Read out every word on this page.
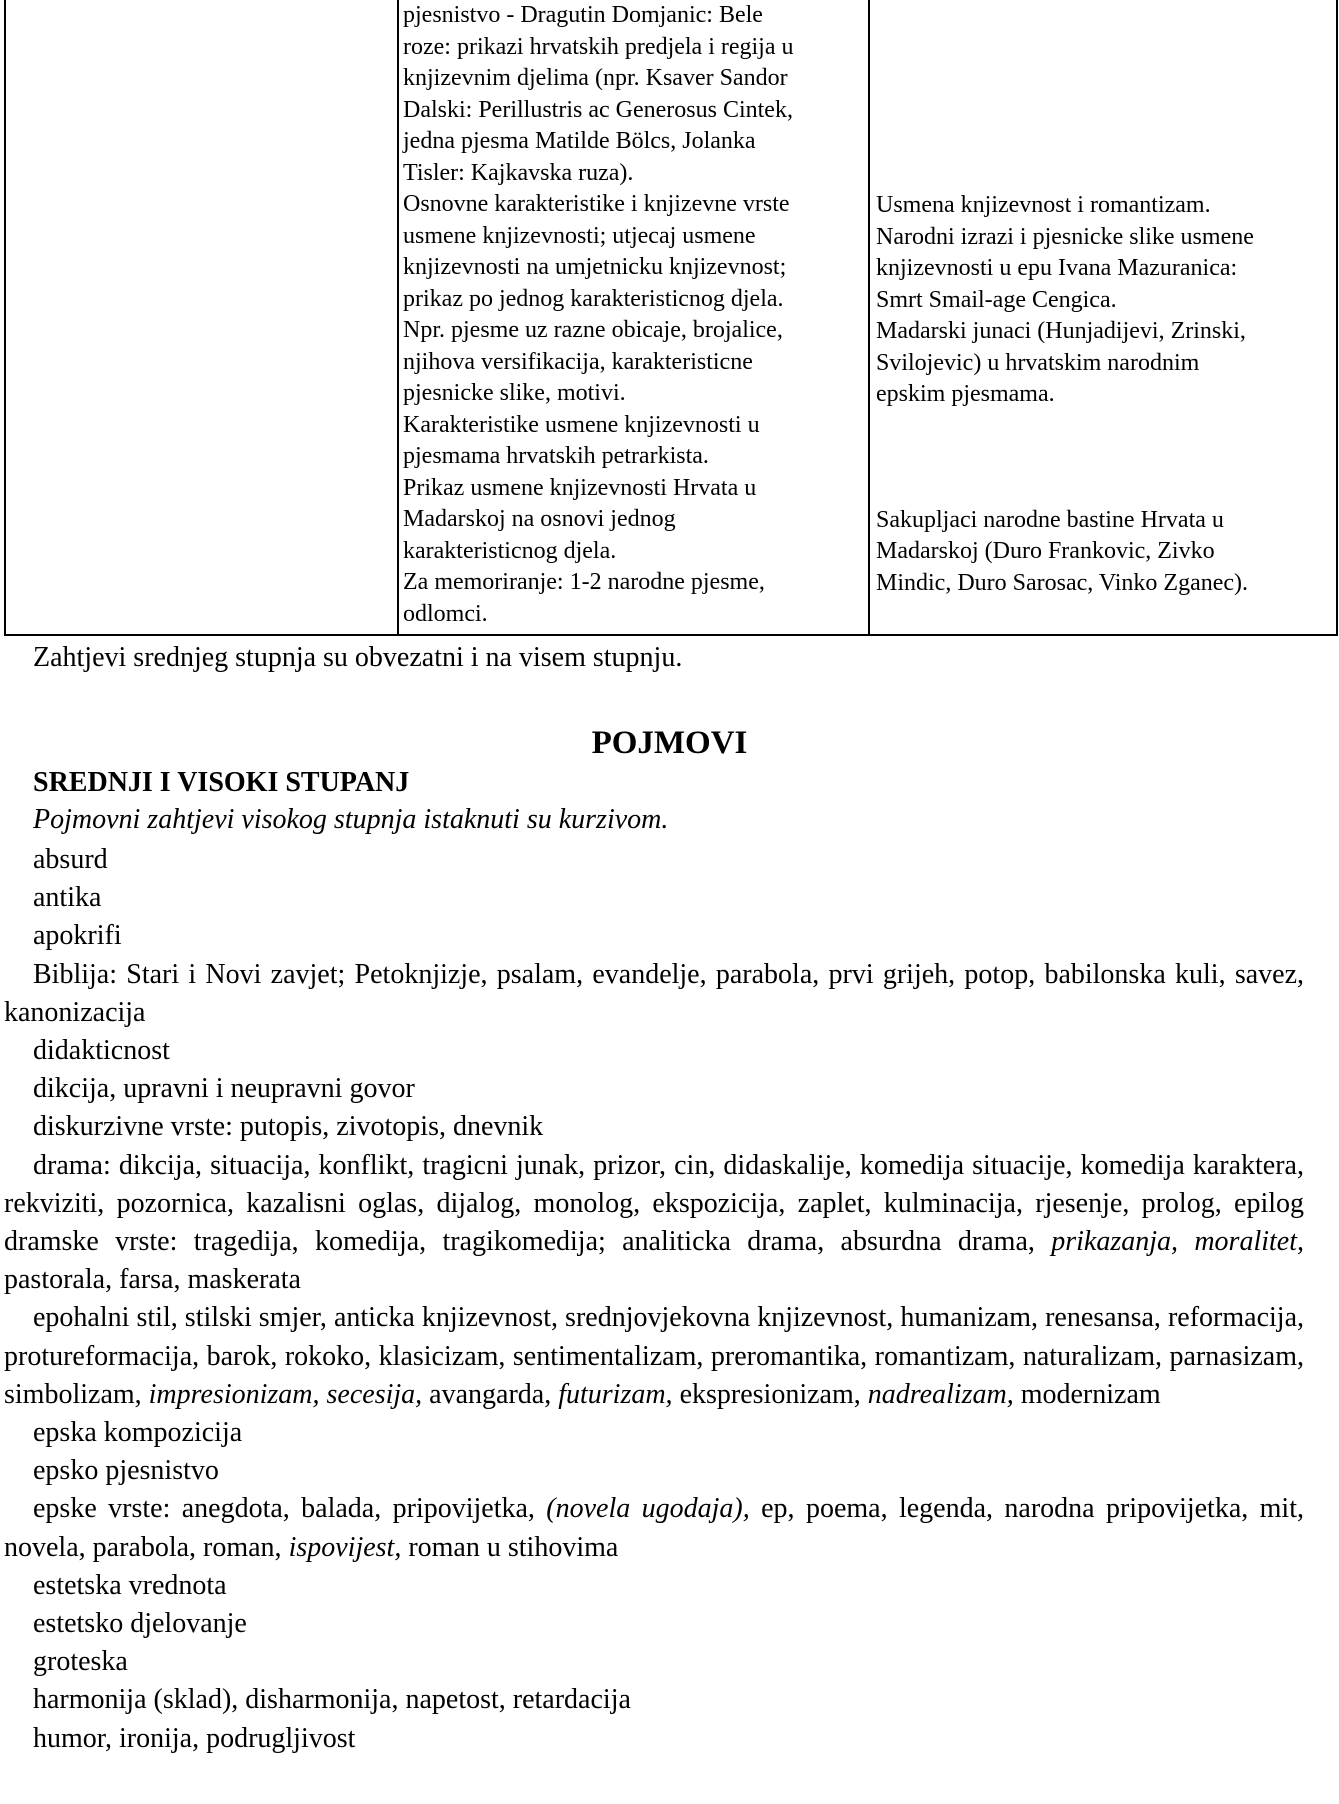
pjesnistvo - Dragutin Domjanic: Bele
roze: prikazi hrvatskih predjela i regija u
knjizevnim djelima (npr. Ksaver Sandor
Dalski: Perillustris ac Generosus Cintek,
jedna pjesma Matilde Bölcs, Jolanka
Tisler: Kajkavska ruza).
Osnovne karakteristike i knjizevne vrste
usmene knjizevnosti; utjecaj usmene
knjizevnosti na umjetnicku knjizevnost;
prikaz po jednog karakteristicnog djela.
Npr. pjesme uz razne obicaje, brojalice,
njihova versifikacija, karakteristicne
pjesnicke slike, motivi.
Karakteristike usmene knjizevnosti u
pjesmama hrvatskih petrarkista.
Prikaz usmene knjizevnosti Hrvata u
Madarskoj na osnovi jednog
karakteristicnog djela.
Za memoriranje: 1-2 narodne pjesme,
odlomci.
Usmena knjizevnost i romantizam.
Narodni izrazi i pjesnicke slike usmene
knjizevnosti u epu Ivana Mazuranica:
Smrt Smail-age Cengica.
Madarski junaci (Hunjadijevi, Zrinski,
Svilojevic) u hrvatskim narodnim
epskim pjesmama.
Sakupljaci narodne bastine Hrvata u
Madarskoj (Duro Frankovic, Zivko
Mindic, Duro Sarosac, Vinko Zganec).
Zahtjevi srednjeg stupnja su obvezatni i na visem stupnju.
POJMOVI
SREDNJI I VISOKI STUPANJ
Pojmovni zahtjevi visokog stupnja istaknuti su kurzivom.

absurd

antika

apokrifi

Biblija: Stari i Novi zavjet; Petoknjizje, psalam, evandelje, parabola, prvi grijeh, potop, babilonska kuli, savez, kanonizacija

didakticnost

dikcija, upravni i neupravni govor

diskurzivne vrste: putopis, zivotopis, dnevnik

drama: dikcija, situacija, konflikt, tragicni junak, prizor, cin, didaskalije, komedija situacije, komedija karaktera, rekviziti, pozornica, kazalisni oglas, dijalog, monolog, ekspozicija, zaplet, kulminacija, rjesenje, prolog, epilog dramske vrste: tragedija, komedija, tragikomedija; analiticka drama, absurdna drama, prikazanja, moralitet, pastorala, farsa, maskerata

epohalni stil, stilski smjer, anticka knjizevnost, srednjovjekovna knjizevnost, humanizam, renesansa, reformacija, protureformacija, barok, rokoko, klasicizam, sentimentalizam, preromantika, romantizam, naturalizam, parnasizam, simbolizam, impresionizam, secesija, avangarda, futurizam, ekspresionizam, nadrealizam, modernizam

epska kompozicija

epsko pjesnistvo

epske vrste: anegdota, balada, pripovijetka, (novela ugodaja), ep, poema, legenda, narodna pripovijetka, mit, novela, parabola, roman, ispovijest, roman u stihovima

estetska vrednota

estetsko djelovanje

groteska

harmonija (sklad), disharmonija, napetost, retardacija

humor, ironija, podrugljivost
